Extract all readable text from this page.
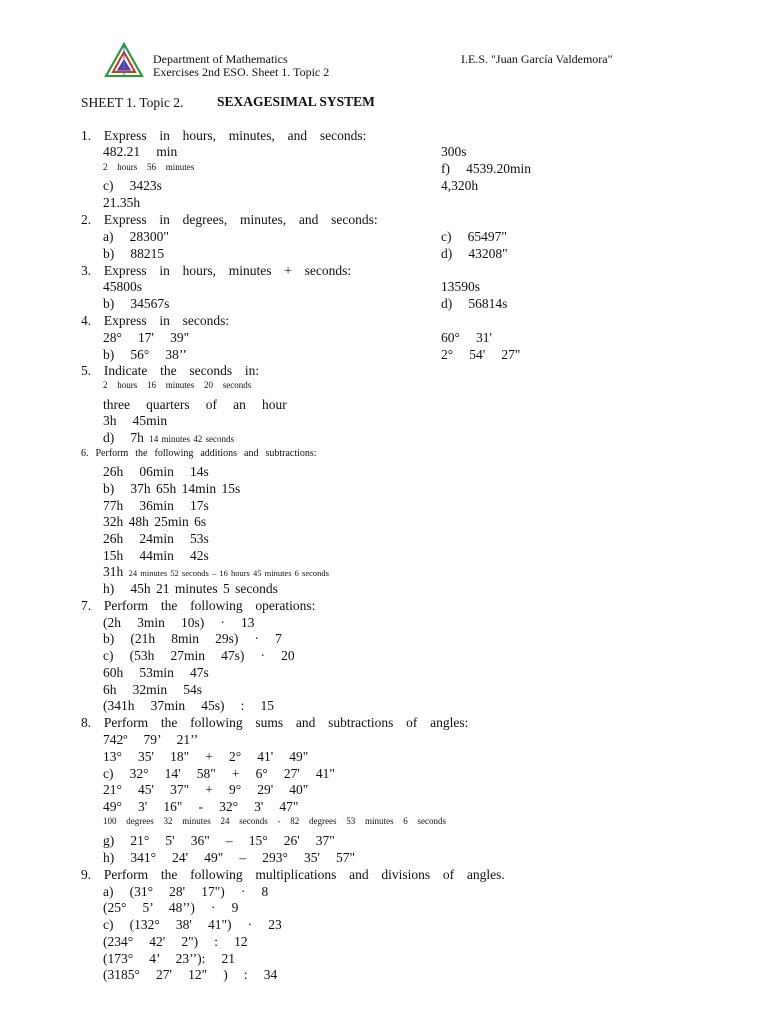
Department of Mathematics
Exercises 2nd ESO. Sheet 1. Topic 2
I.E.S. "Juan García Valdemora"
SHEET 1. Topic 2. SEXAGESIMAL SYSTEM
1.  Express  in  hours,  minutes,  and  seconds:
482.21   min
2   hours   56   minutes
c)   3423s
21.35h
300s
f)   4539.20min
4,320h
2.  Express  in  degrees,  minutes,  and  seconds:
a)   28300"
b)   88215
c)   65497"
d)   43208"
3.  Express  in  hours,  minutes  +  seconds:
45800s
b)   34567s
13590s
d)   56814s
4.  Express  in  seconds:
28°   17'   39"
b)   56°   38’’
60°   31'
2°   54'   27"
5.  Indicate  the  seconds  in:
2   hours   16   minutes   20   seconds
three   quarters   of   an   hour
3h   45min
d)   7h 14 minutes 42 seconds
6.  Perform  the  following  additions  and  subtractions:
26h   06min   14s
b)   37h 65h 14min 15s
77h   36min   17s
32h 48h 25min 6s
26h   24min   53s
15h   44min   42s
31h 24 minutes 52 seconds – 16 hours 45 minutes 6 seconds
h)   45h 21 minutes 5 seconds
7.  Perform  the  following  operations:
(2h   3min   10s)   ·   13
b)   (21h   8min   29s)   ·   7
c)   (53h   27min   47s)   ·   20
60h   53min   47s
6h   32min   54s
(341h   37min   45s)   :   15
8.  Perform  the  following  sums  and  subtractions  of  angles:
742º   79’   21’’
13°   35'   18"   +   2°   41'   49"
c)   32°   14'   58"   +   6°   27'   41"
21°   45'   37"   +   9°   29'   40"
49°   3'   16"   -   32°   3'   47"
100   degrees   32   minutes   24   seconds   -   82   degrees   53   minutes   6   seconds
g)   21°   5'   36"   –   15°   26'   37"
h)   341°   24'   49"   –   293°   35'   57"
9.  Perform  the  following  multiplications  and  divisions  of  angles.
a)   (31°   28'   17")   ·   8
(25°   5’   48’’)   ·   9
c)   (132°   38'   41")   ·   23
(234°   42'   2")   :   12
(173°   4’   23’’):   21
(3185°   27'   12"   )   :   34
